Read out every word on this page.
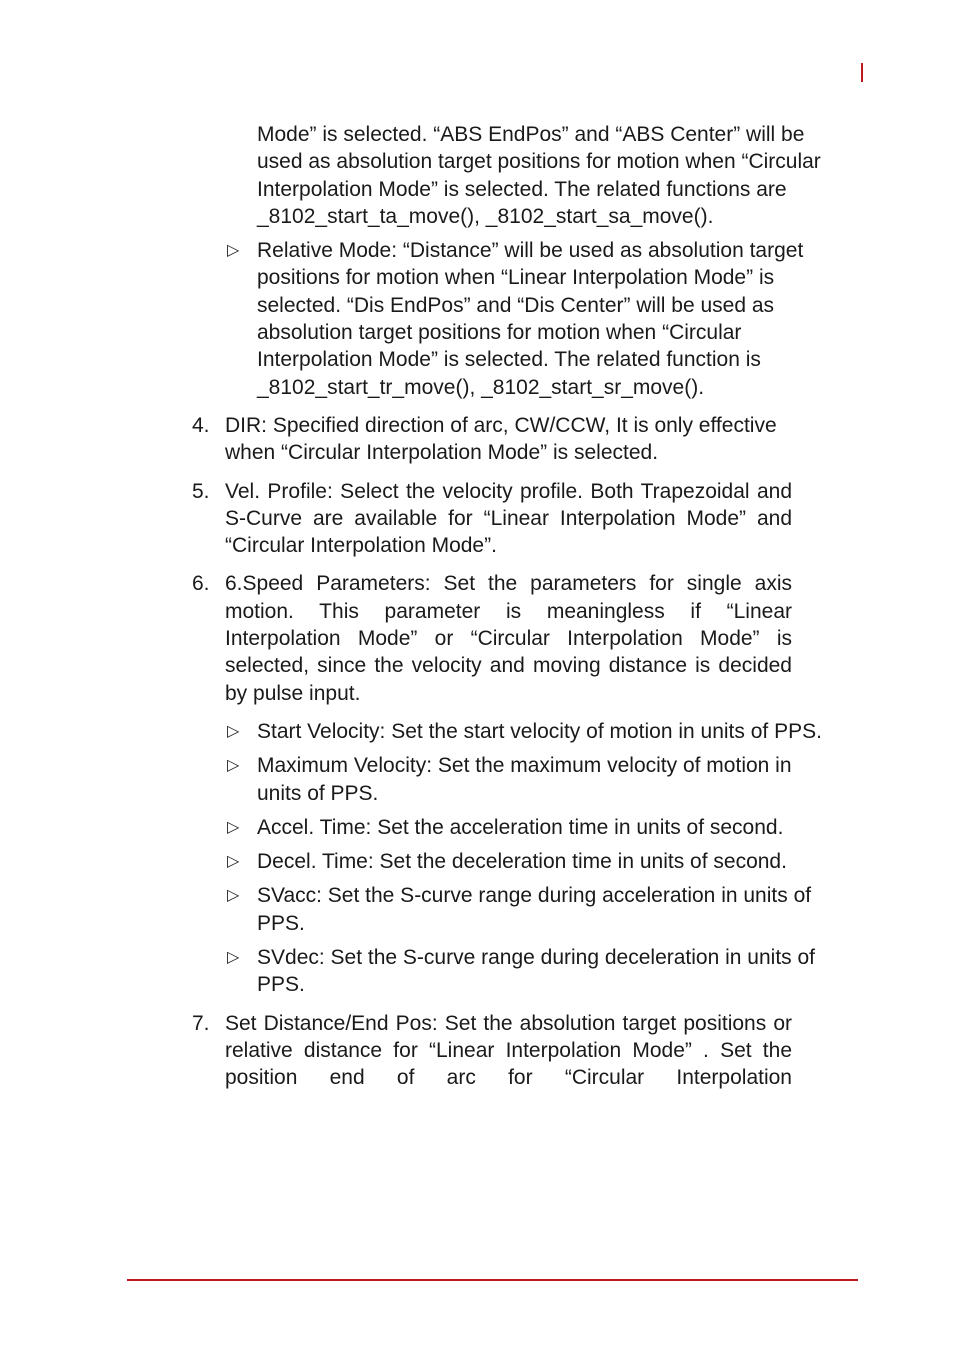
Mode” is selected. “ABS EndPos” and “ABS Center” will be used as absolution target positions for motion when “Circular Interpolation Mode” is selected. The related functions are _8102_start_ta_move(), _8102_start_sa_move().

▷ Relative Mode: “Distance” will be used as absolution target positions for motion when “Linear Interpolation Mode” is selected. “Dis EndPos” and “Dis Center” will be used as absolution target positions for motion when “Circular Interpolation Mode” is selected. The related function is _8102_start_tr_move(), _8102_start_sr_move().

4. DIR: Specified direction of arc, CW/CCW, It is only effective when “Circular Interpolation Mode” is selected.

5. Vel. Profile: Select the velocity profile. Both Trapezoidal and S-Curve are available for “Linear Interpolation Mode” and “Circular Interpolation Mode”.

6. 6.Speed Parameters: Set the parameters for single axis motion. This parameter is meaningless if “Linear Interpolation Mode” or “Circular Interpolation Mode” is selected, since the velocity and moving distance is decided by pulse input.

▷ Start Velocity: Set the start velocity of motion in units of PPS.

▷ Maximum Velocity: Set the maximum velocity of motion in units of PPS.

▷ Accel. Time: Set the acceleration time in units of second.

▷ Decel. Time: Set the deceleration time in units of second.

▷ SVacc: Set the S-curve range during acceleration in units of PPS.

▷ SVdec: Set the S-curve range during deceleration in units of PPS.

7. Set Distance/End Pos: Set the absolution target positions or relative distance for “Linear Interpolation Mode” . Set the position end of arc for “Circular Interpolation
